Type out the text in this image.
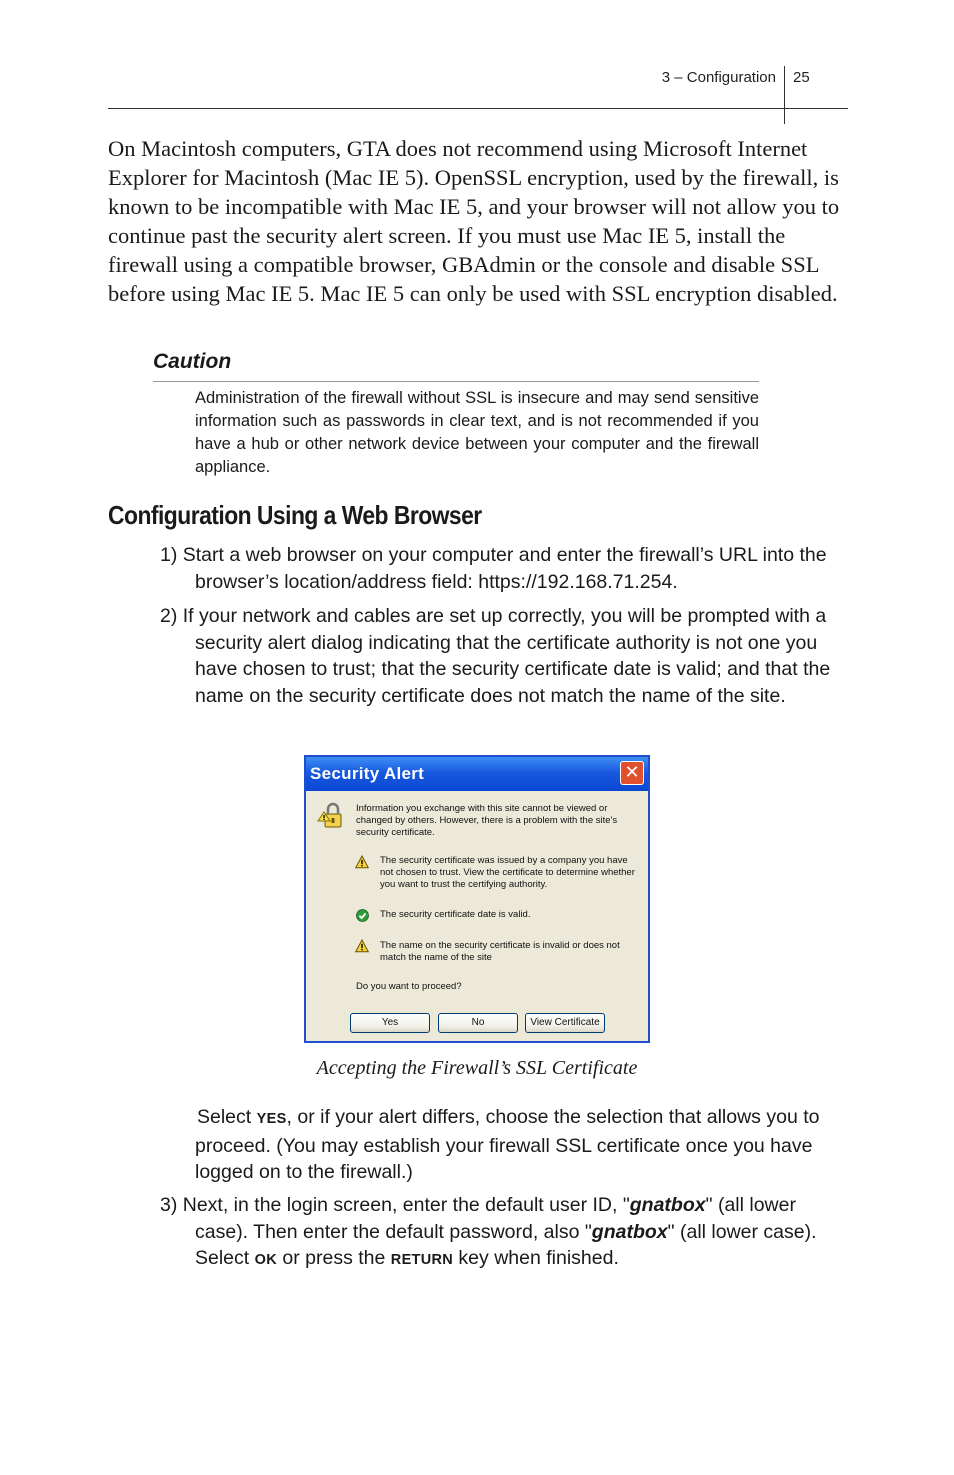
3 – Configuration 25
On Macintosh computers, GTA does not recommend using Microsoft Internet Explorer for Macintosh (Mac IE 5). OpenSSL encryption, used by the firewall, is known to be incompatible with Mac IE 5, and your browser will not allow you to continue past the security alert screen. If you must use Mac IE 5, install the firewall using a compatible browser, GBAdmin or the console and disable SSL before using Mac IE 5. Mac IE 5 can only be used with SSL encryption disabled.
Caution
Administration of the firewall without SSL is insecure and may send sensitive information such as passwords in clear text, and is not recommended if you have a hub or other network device between your computer and the firewall appliance.
Configuration Using a Web Browser

1) Start a web browser on your computer and enter the firewall’s URL into the browser’s location/address field: https://192.168.71.254.

2) If your network and cables are set up correctly, you will be prompted with a security alert dialog indicating that the certificate authority is not one you have chosen to trust; that the security certificate date is valid; and that the name on the security certificate does not match the name of the site.

Security Alert	✕
Information you exchange with this site cannot be viewed or changed by others. However, there is a problem with the site's security certificate.
The security certificate was issued by a company you have not chosen to trust. View the certificate to determine whether you want to trust the certifying authority.
The security certificate date is valid.
The name on the security certificate is invalid or does not match the name of the site
Do you want to proceed?
Yes	No	View Certificate
Accepting the Firewall’s SSL Certificate

Select YES, or if your alert differs, choose the selection that allows you to proceed. (You may establish your firewall SSL certificate once you have logged on to the firewall.)

3) Next, in the login screen, enter the default user ID, "gnatbox" (all lower case). Then enter the default password, also "gnatbox" (all lower case). Select OK or press the RETURN key when finished.
